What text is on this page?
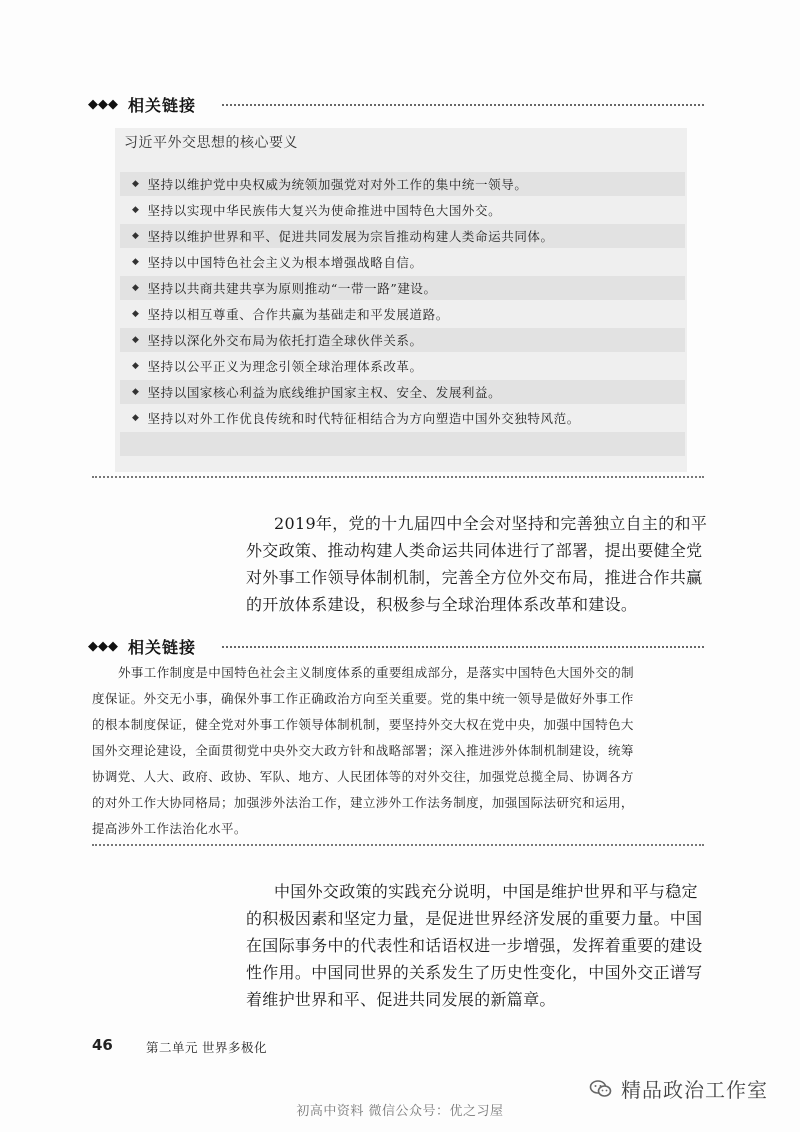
◆◆◆ 相关链接
习近平外交思想的核心要义
◆ 坚持以维护党中央权威为统领加强党对对外工作的集中统一领导。
◆ 坚持以实现中华民族伟大复兴为使命推进中国特色大国外交。
◆ 坚持以维护世界和平、促进共同发展为宗旨推动构建人类命运共同体。
◆ 坚持以中国特色社会主义为根本增强战略自信。
◆ 坚持以共商共建共享为原则推动“一带一路”建设。
◆ 坚持以相互尊重、合作共赢为基础走和平发展道路。
◆ 坚持以深化外交布局为依托打造全球伙伴关系。
◆ 坚持以公平正义为理念引领全球治理体系改革。
◆ 坚持以国家核心利益为底线维护国家主权、安全、发展利益。
◆ 坚持以对外工作优良传统和时代特征相结合为方向塑造中国外交独特风范。
2019年，党的十九届四中全会对坚持和完善独立自主的和平
外交政策、推动构建人类命运共同体进行了部署，提出要健全党
对外事工作领导体制机制，完善全方位外交布局，推进合作共赢
的开放体系建设，积极参与全球治理体系改革和建设。
◆◆◆ 相关链接
外事工作制度是中国特色社会主义制度体系的重要组成部分，是落实中国特色大国外交的制
度保证。外交无小事，确保外事工作正确政治方向至关重要。党的集中统一领导是做好外事工作
的根本制度保证，健全党对外事工作领导体制机制，要坚持外交大权在党中央，加强中国特色大
国外交理论建设，全面贯彻党中央外交大政方针和战略部署；深入推进涉外体制机制建设，统筹
协调党、人大、政府、政协、军队、地方、人民团体等的对外交往，加强党总揽全局、协调各方
的对外工作大协同格局；加强涉外法治工作，建立涉外工作法务制度，加强国际法研究和运用，
提高涉外工作法治化水平。
中国外交政策的实践充分说明，中国是维护世界和平与稳定
的积极因素和坚定力量，是促进世界经济发展的重要力量。中国
在国际事务中的代表性和话语权进一步增强，发挥着重要的建设
性作用。中国同世界的关系发生了历史性变化，中国外交正谱写
着维护世界和平、促进共同发展的新篇章。
46	第二单元 世界多极化
精品政治工作室
初高中资料 微信公众号：优之习屋
